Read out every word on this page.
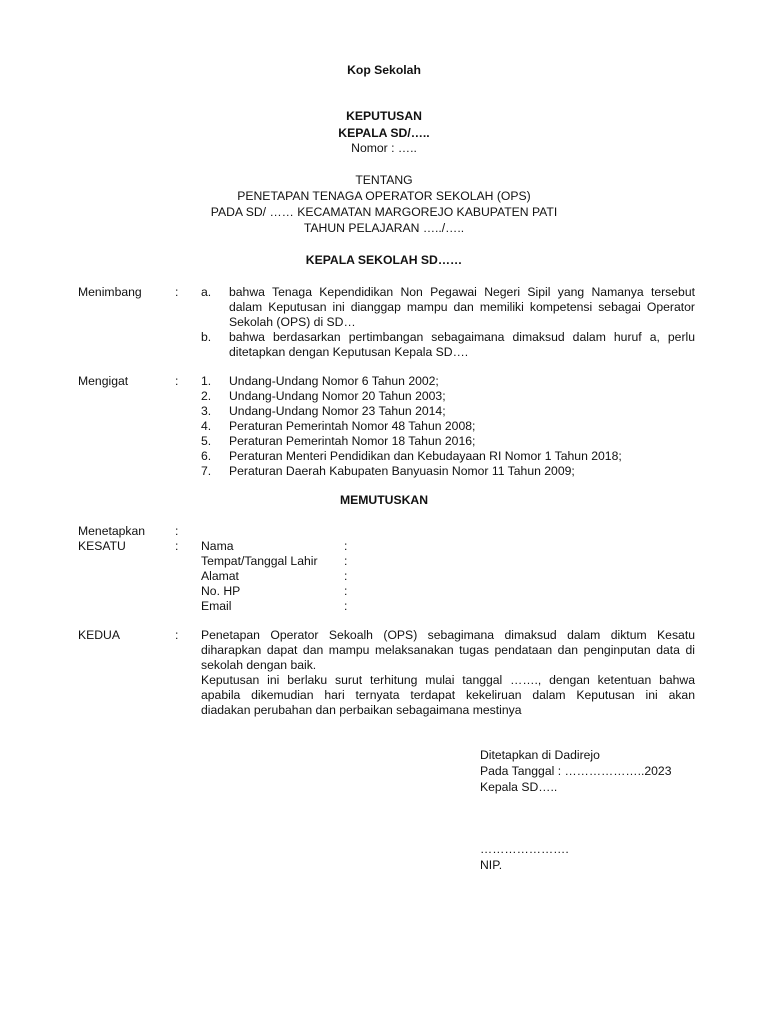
Kop Sekolah
KEPUTUSAN
KEPALA SD/…..
Nomor : …..
TENTANG
PENETAPAN TENAGA OPERATOR SEKOLAH (OPS)
PADA SD/ …… KECAMATAN MARGOREJO KABUPATEN PATI
TAHUN PELAJARAN …../…..
KEPALA SEKOLAH SD……
Menimbang	: a. bahwa Tenaga Kependidikan Non Pegawai Negeri Sipil yang Namanya tersebut
dalam Keputusan ini dianggap mampu dan memiliki kompetensi sebagai Operator
Sekolah (OPS) di SD…
b. bahwa berdasarkan pertimbangan sebagaimana dimaksud dalam huruf a, perlu
ditetapkan dengan Keputusan Kepala SD….
Mengigat	: 1. Undang-Undang Nomor 6 Tahun 2002;
2. Undang-Undang Nomor 20 Tahun 2003;
3. Undang-Undang Nomor 23 Tahun 2014;
4. Peraturan Pemerintah Nomor 48 Tahun 2008;
5. Peraturan Pemerintah Nomor 18 Tahun 2016;
6. Peraturan Menteri Pendidikan dan Kebudayaan RI Nomor 1 Tahun 2018;
7. Peraturan Daerah Kabupaten Banyuasin Nomor 11 Tahun 2009;
MEMUTUSKAN
Menetapkan :
KESATU	: Nama	:
Tempat/Tanggal Lahir :
Alamat	:
No. HP	:
Email	:
KEDUA	: Penetapan Operator Sekoalh (OPS) sebagimana dimaksud dalam diktum Kesatu
diharapkan dapat dan mampu melaksanakan tugas pendataan dan penginputan data di
sekolah dengan baik.
Keputusan ini berlaku surut terhitung mulai tanggal ……., dengan ketentuan bahwa
apabila dikemudian hari ternyata terdapat kekeliruan dalam Keputusan ini akan
diadakan perubahan dan perbaikan sebagaimana mestinya
Ditetapkan di Dadirejo
Pada Tanggal : ………………..2023
Kepala SD…..
………………….
NIP.
